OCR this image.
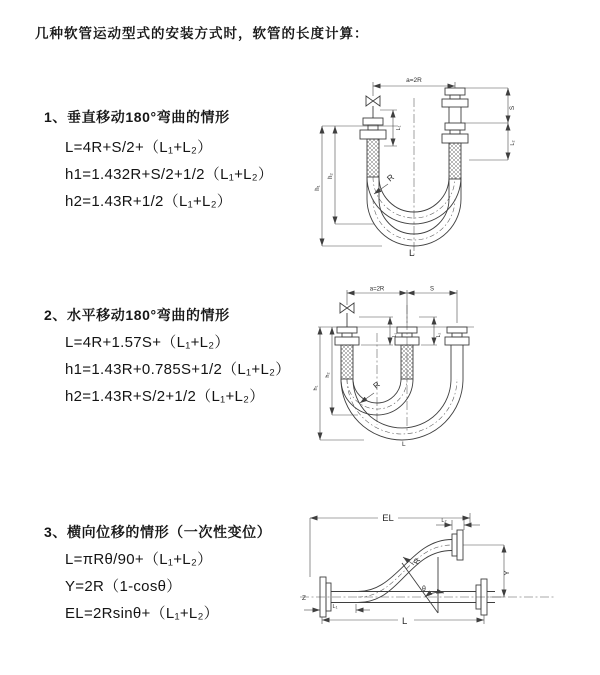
几种软管运动型式的安装方式时，软管的长度计算：
1、垂直移动180°弯曲的情形
L=4R+S/2+（L₁+L₂）
h1=1.432R+S/2+1/2（L₁+L₂）
h2=1.43R+1/2（L₁+L₂）
a=2R
S
L₂
L₁
h₁
h₂	R
L
2、水平移动180°弯曲的情形
L=4R+1.57S+（L₁+L₂）
h1=1.43R+0.785S+1/2（L₁+L₂）
h2=1.43R+S/2+1/2（L₁+L₂）
a=2R	S
h₁
h₂
L₁	L₂
R
L
3、横向位移的情形（一次性变位）
L=πRθ/90+（L₁+L₂）
Y=2R（1-cosθ）
EL=2Rsinθ+（L₁+L₂）
EL	L₂
Y
R
θ
L₁
L
Z
